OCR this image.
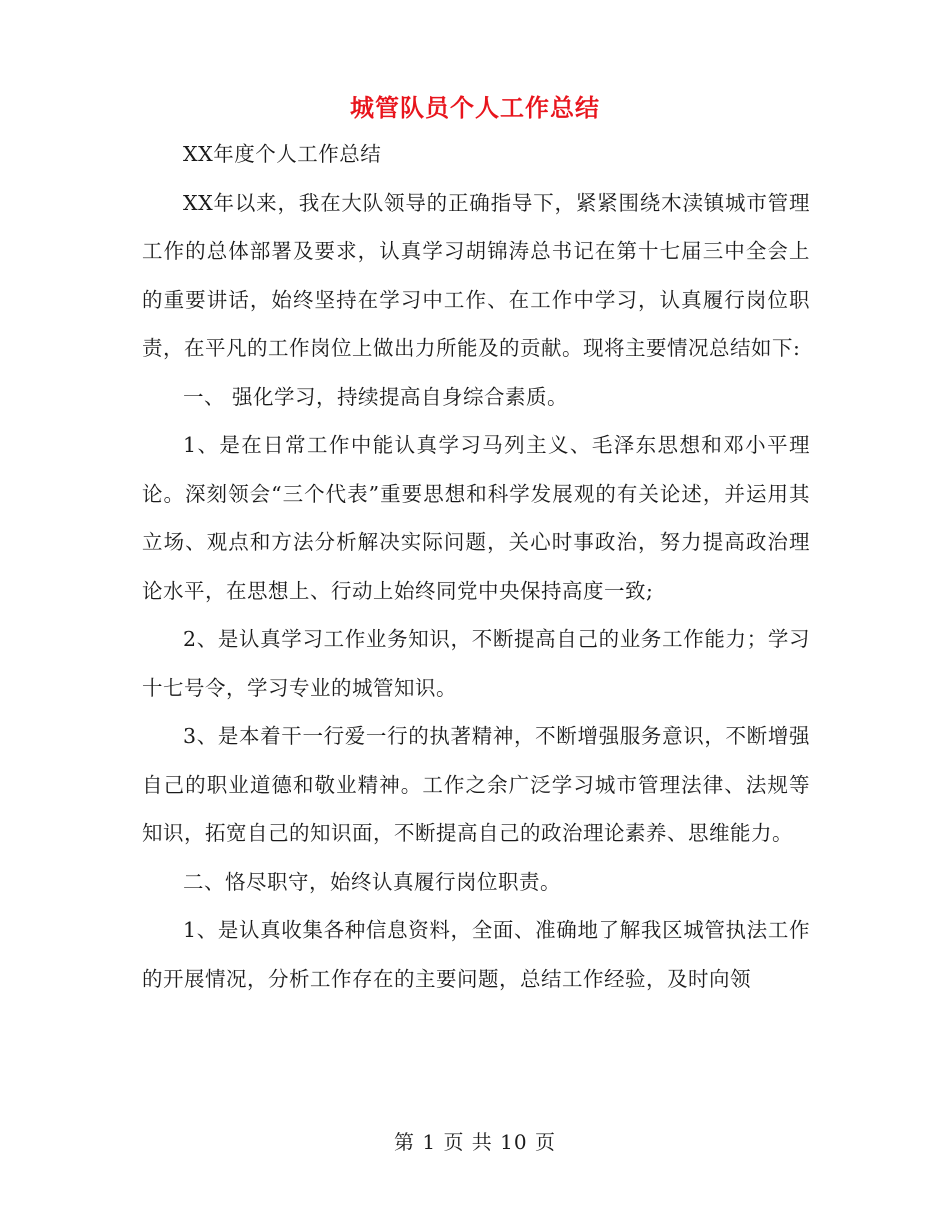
城管队员个人工作总结

XX年度个人工作总结

XX年以来，我在大队领导的正确指导下，紧紧围绕木渎镇城市管理工作的总体部署及要求，认真学习胡锦涛总书记在第十七届三中全会上的重要讲话，始终坚持在学习中工作、在工作中学习，认真履行岗位职责，在平凡的工作岗位上做出力所能及的贡献。现将主要情况总结如下:

一、 强化学习，持续提高自身综合素质。

1、是在日常工作中能认真学习马列主义、毛泽东思想和邓小平理论。深刻领会“三个代表”重要思想和科学发展观的有关论述，并运用其立场、观点和方法分析解决实际问题，关心时事政治，努力提高政治理论水平，在思想上、行动上始终同党中央保持高度一致;

2、是认真学习工作业务知识，不断提高自己的业务工作能力；学习十七号令，学习专业的城管知识。

3、是本着干一行爱一行的执著精神，不断增强服务意识，不断增强自己的职业道德和敬业精神。工作之余广泛学习城市管理法律、法规等知识，拓宽自己的知识面，不断提高自己的政治理论素养、思维能力。

二、恪尽职守，始终认真履行岗位职责。

1、是认真收集各种信息资料，全面、准确地了解我区城管执法工作的开展情况，分析工作存在的主要问题，总结工作经验，及时向领

第 1 页 共 10 页
